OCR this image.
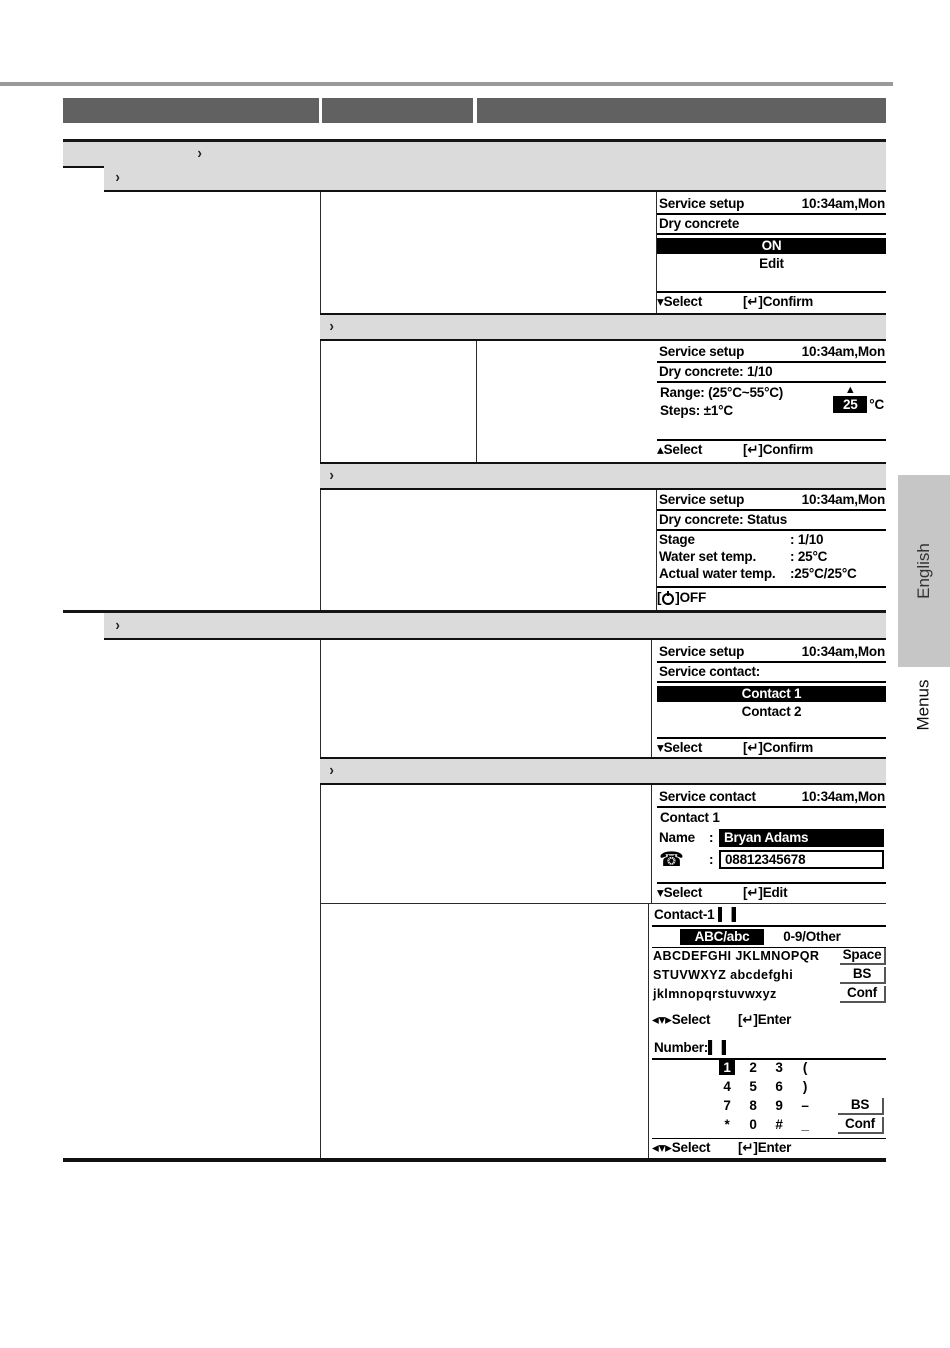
›
›
Service setup	10:34am,Mon
Dry concrete
ON
Edit
▾Select	[↵]Confirm
›
Service setup	10:34am,Mon
Dry concrete: 1/10
Range: (25°C~55°C)
Steps: ±1°C
▲
25 °C
▴Select	[↵]Confirm
›
Service setup	10:34am,Mon
Dry concrete: Status
Stage	: 1/10
Water set temp.	: 25°C
Actual water temp.	:25°C/25°C
[ ] OFF
›
Service setup	10:34am,Mon
Service contact:
Contact 1
Contact 2
▾Select	[↵]Confirm
›
Service contact	10:34am,Mon
Contact 1
Name	: Bryan Adams
☎	: 08812345678
▾Select	[↵]Edit
Contact-1 █
ABC/abc	0-9/Other
ABCDEFGHI JKLMNOPQR	Space
STUVWXYZ abcdefghi	BS
jklmnopqrstuvwxyz	Conf
◂▾▸Select	[↵]Enter
Number: █
1	2	3	(
4	5	6	)
7	8	9	–	BS
*	0	#	_	Conf
◂▾▸Select	[↵]Enter
English
Menus
